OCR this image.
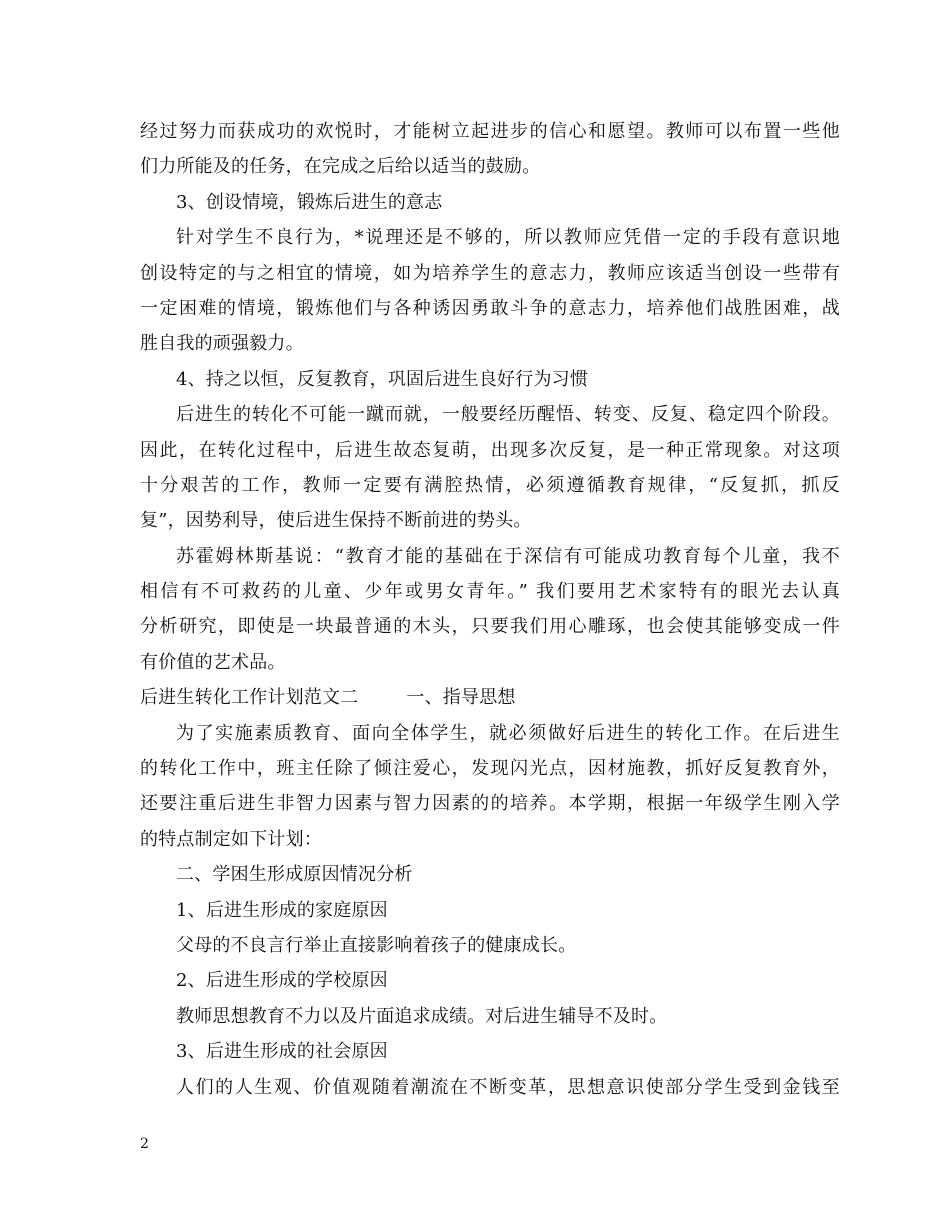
经过努力而获成功的欢悦时，才能树立起进步的信心和愿望。教师可以布置一些他
们力所能及的任务，在完成之后给以适当的鼓励。
3、创设情境，锻炼后进生的意志
针对学生不良行为，*说理还是不够的，所以教师应凭借一定的手段有意识地
创设特定的与之相宜的情境，如为培养学生的意志力，教师应该适当创设一些带有
一定困难的情境，锻炼他们与各种诱因勇敢斗争的意志力，培养他们战胜困难，战
胜自我的顽强毅力。
4、持之以恒，反复教育，巩固后进生良好行为习惯
后进生的转化不可能一蹴而就，一般要经历醒悟、转变、反复、稳定四个阶段。
因此，在转化过程中，后进生故态复萌，出现多次反复，是一种正常现象。对这项
十分艰苦的工作，教师一定要有满腔热情，必须遵循教育规律，“反复抓，抓反
复”，因势利导，使后进生保持不断前进的势头。
苏霍姆林斯基说：“教育才能的基础在于深信有可能成功教育每个儿童，我不
相信有不可救药的儿童、少年或男女青年。” 我们要用艺术家特有的眼光去认真
分析研究，即使是一块最普通的木头，只要我们用心雕琢，也会使其能够变成一件
有价值的艺术品。
后进生转化工作计划范文二	一、指导思想
为了实施素质教育、面向全体学生，就必须做好后进生的转化工作。在后进生
的转化工作中，班主任除了倾注爱心，发现闪光点，因材施教，抓好反复教育外，
还要注重后进生非智力因素与智力因素的的培养。本学期，根据一年级学生刚入学
的特点制定如下计划：
二、学困生形成原因情况分析
1、后进生形成的家庭原因
父母的不良言行举止直接影响着孩子的健康成长。
2、后进生形成的学校原因
教师思想教育不力以及片面追求成绩。对后进生辅导不及时。
3、后进生形成的社会原因
人们的人生观、价值观随着潮流在不断变革，思想意识使部分学生受到金钱至
2
